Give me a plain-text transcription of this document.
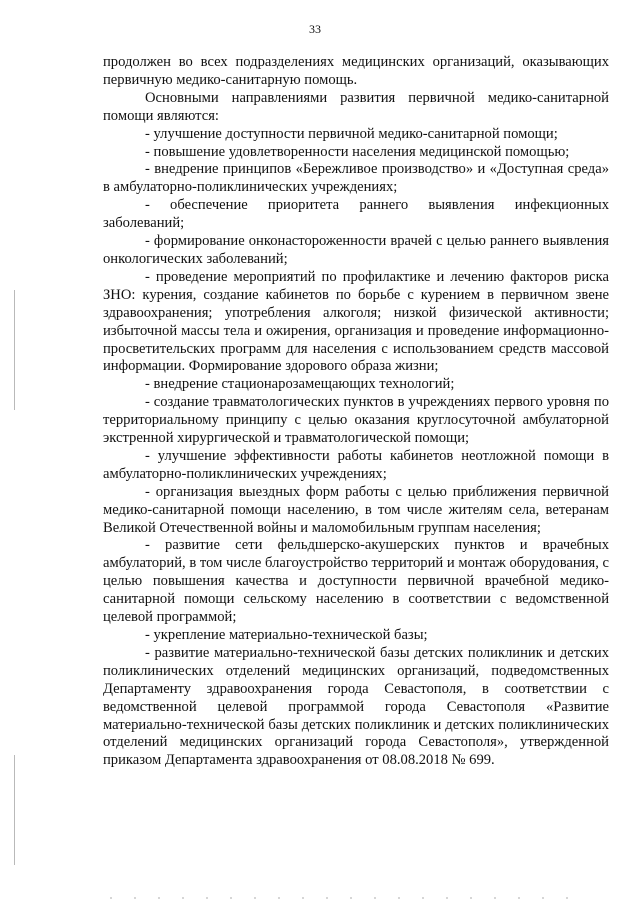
33

продолжен во всех подразделениях медицинских организаций, оказывающих первичную медико-санитарную помощь.

Основными направлениями развития первичной медико-санитарной помощи являются:

- улучшение доступности первичной медико-санитарной помощи;

- повышение удовлетворенности населения медицинской помощью;

- внедрение принципов «Бережливое производство» и «Доступная среда» в амбулаторно-поликлинических учреждениях;

- обеспечение приоритета раннего выявления инфекционных заболеваний;

- формирование онконастороженности врачей с целью раннего выявления онкологических заболеваний;

- проведение мероприятий по профилактике и лечению факторов риска ЗНО: курения, создание кабинетов по борьбе с курением в первичном звене здравоохранения; употребления алкоголя; низкой физической активности; избыточной массы тела и ожирения, организация и проведение информационно-просветительских программ для населения с использованием средств массовой информации. Формирование здорового образа жизни;

- внедрение стационарозамещающих технологий;

- создание травматологических пунктов в учреждениях первого уровня по территориальному принципу с целью оказания круглосуточной амбулаторной экстренной хирургической и травматологической помощи;

- улучшение эффективности работы кабинетов неотложной помощи в амбулаторно-поликлинических учреждениях;

- организация выездных форм работы с целью приближения первичной медико-санитарной помощи населению, в том числе жителям села, ветеранам Великой Отечественной войны и маломобильным группам населения;

- развитие сети фельдшерско-акушерских пунктов и врачебных амбулаторий, в том числе благоустройство территорий и монтаж оборудования, с целью повышения качества и доступности первичной врачебной медико-санитарной помощи сельскому населению в соответствии с ведомственной целевой программой;

- укрепление материально-технической базы;

- развитие материально-технической базы детских поликлиник и детских поликлинических отделений медицинских организаций, подведомственных Департаменту здравоохранения города Севастополя, в соответствии с ведомственной целевой программой города Севастополя «Развитие материально-технической базы детских поликлиник и детских поликлинических отделений медицинских организаций города Севастополя», утвержденной приказом Департамента здравоохранения от 08.08.2018 № 699.
